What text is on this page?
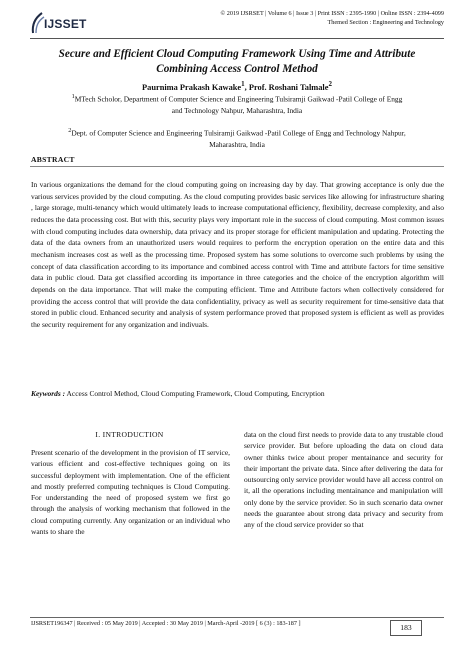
IJSSET
© 2019 IJSRSET | Volume 6 | Issue 3 | Print ISSN : 2395-1990 | Online ISSN : 2394-4099
Themed Section : Engineering and Technology
Secure and Efficient Cloud Computing Framework Using Time and Attribute
Combining Access Control Method
Paurnima Prakash Kawake$^1$, Prof. Roshani Talmale$^2$
$^1$MTech Scholor, Department of Computer Science and Engineering Tulsiramji Gaikwad -Patil College of Engg
and Technology Nahpur, Maharashtra, India
$^2$Dept. of Computer Science and Engineering Tulsiramji Gaikwad -Patil College of Engg and Technology Nahpur,
Maharashtra, India
ABSTRACT

In various organizations the demand for the cloud computing going on increasing day by day. That growing acceptance is only due the various services provided by the cloud computing. As the cloud computing provides basic services like allowing for infrastructure sharing , large storage, multi-tenancy which would ultimately leads to increase computational efficiency, flexibility, decrease complexity, and also reduces the data processing cost. But with this, security plays very important role in the success of cloud computing. Most common issues with cloud computing includes data ownership, data privacy and its proper storage for efficient manipulation and updating. Protecting the data of the data owners from an unauthorized users would requires to perform the encryption operation on the entire data and this mechanism increases cost as well as the processing time. Proposed system has some solutions to overcome such problems by using the concept of data classification according to its importance and combined access control with Time and attribute factors for time sensitive data in public cloud. Data get classified according its importance in three categories and the choice of the encryption algorithm will depends on the data importance. That will make the computing efficient. Time and Attribute factors when collectively considered for providing the access control that will provide the data confidentiality, privacy as well as security requirement for time-sensitive data that stored in public cloud. Enhanced security and analysis of system performance proved that proposed system is efficient as well as provides the security requirement for any organization and indivuals.

Keywords : Access Control Method, Cloud Computing Framework, Cloud Computing, Encryption
I. INTRODUCTION

Present scenario of the development in the provision of IT service, various efficient and cost-effective techniques going on its successful deployment with implementation. One of the efficient and mostly preferred computing techniques is Cloud Computing. For understanding the need of proposed system we first go through the analysis of working mechanism that followed in the cloud computing currently. Any organization or an individual who wants to share the

data on the cloud first needs to provide data to any trustable cloud service provider. But before uploading the data on cloud data owner thinks twice about proper mentainance and security for their important the private data. Since after delivering the data for outsourcing only service provider would have all access control on it, all the operations including mentainance and manipulation will only done by the service provider. So in such scenario data owner needs the guarantee about strong data privacy and security from any of the cloud service provider so that

IJSRSET196347 | Received : 05 May 2019 | Accepted : 30 May 2019 | March-April -2019 [ 6 (3) : 183-187 ]	183
